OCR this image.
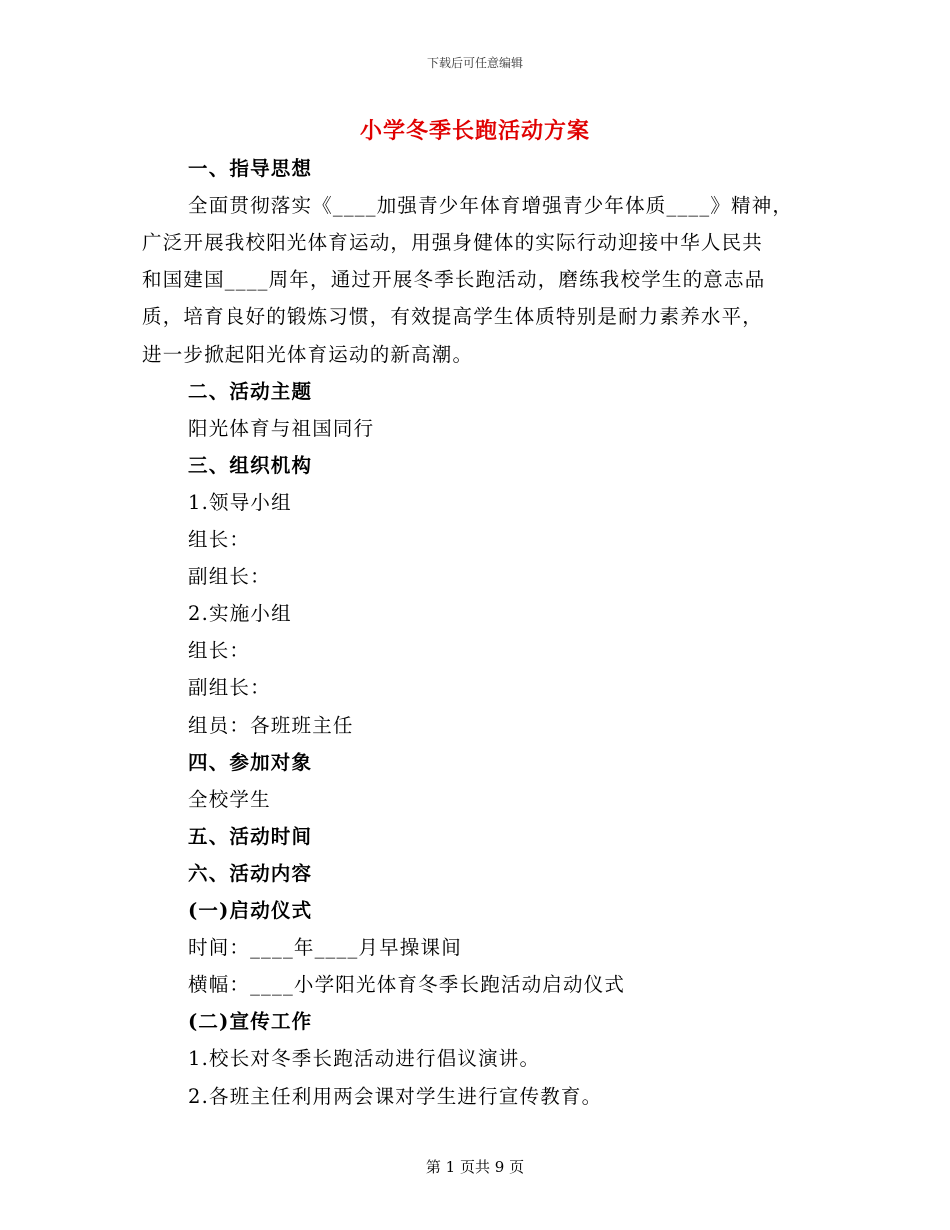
下载后可任意编辑
小学冬季长跑活动方案
一、指导思想
全面贯彻落实《____加强青少年体育增强青少年体质____》精神，
广泛开展我校阳光体育运动，用强身健体的实际行动迎接中华人民共
和国建国____周年，通过开展冬季长跑活动，磨练我校学生的意志品
质，培育良好的锻炼习惯，有效提高学生体质特别是耐力素养水平，
进一步掀起阳光体育运动的新高潮。
二、活动主题
阳光体育与祖国同行
三、组织机构
1.领导小组
组长：
副组长：
2.实施小组
组长：
副组长：
组员：各班班主任
四、参加对象
全校学生
五、活动时间
六、活动内容
(一)启动仪式
时间：____年____月早操课间
横幅：____小学阳光体育冬季长跑活动启动仪式
(二)宣传工作
1.校长对冬季长跑活动进行倡议演讲。
2.各班主任利用两会课对学生进行宣传教育。
第 1 页共 9 页
